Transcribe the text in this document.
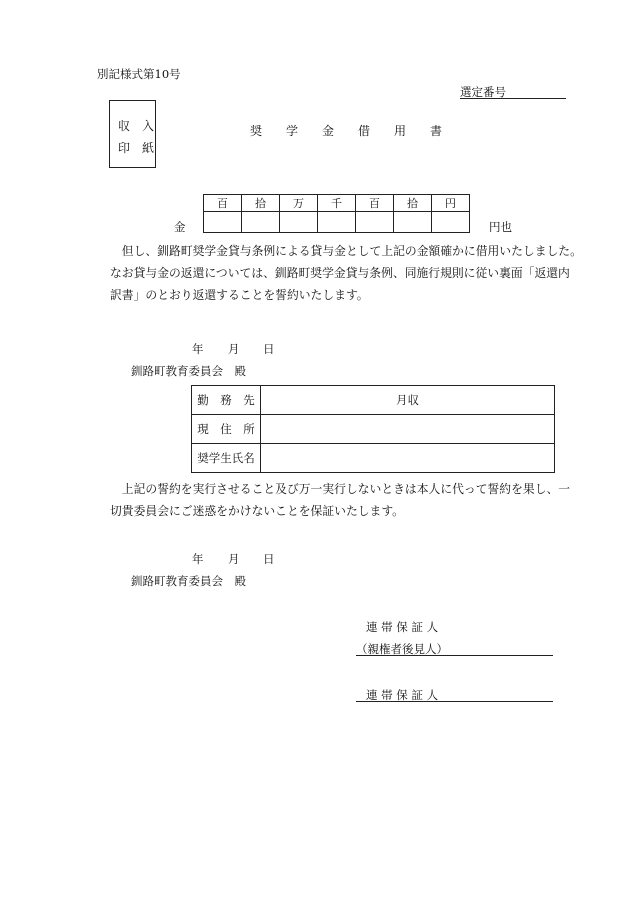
別記様式第10号
選定番号
収　入
印　紙
奨　　学　　金　　借　　用　　書
金
百	拾	万	千	百	拾	円

円也
　但し、釧路町奨学金貸与条例による貸与金として上記の金額確かに借用いたしました。
なお貸与金の返還については、釧路町奨学金貸与条例、同施行規則に従い裏面「返還内
訳書」のとおり返還することを誓約いたします。
年 月 日
釧路町教育委員会　殿
勤　務　先	月収
現　住　所	
奨学生氏名	
　上記の誓約を実行させること及び万一実行しないときは本人に代って誓約を果し、一
切貴委員会にご迷惑をかけないことを保証いたします。
年 月 日
釧路町教育委員会　殿
連 帯 保 証 人
（親権者後見人）
連 帯 保 証 人
